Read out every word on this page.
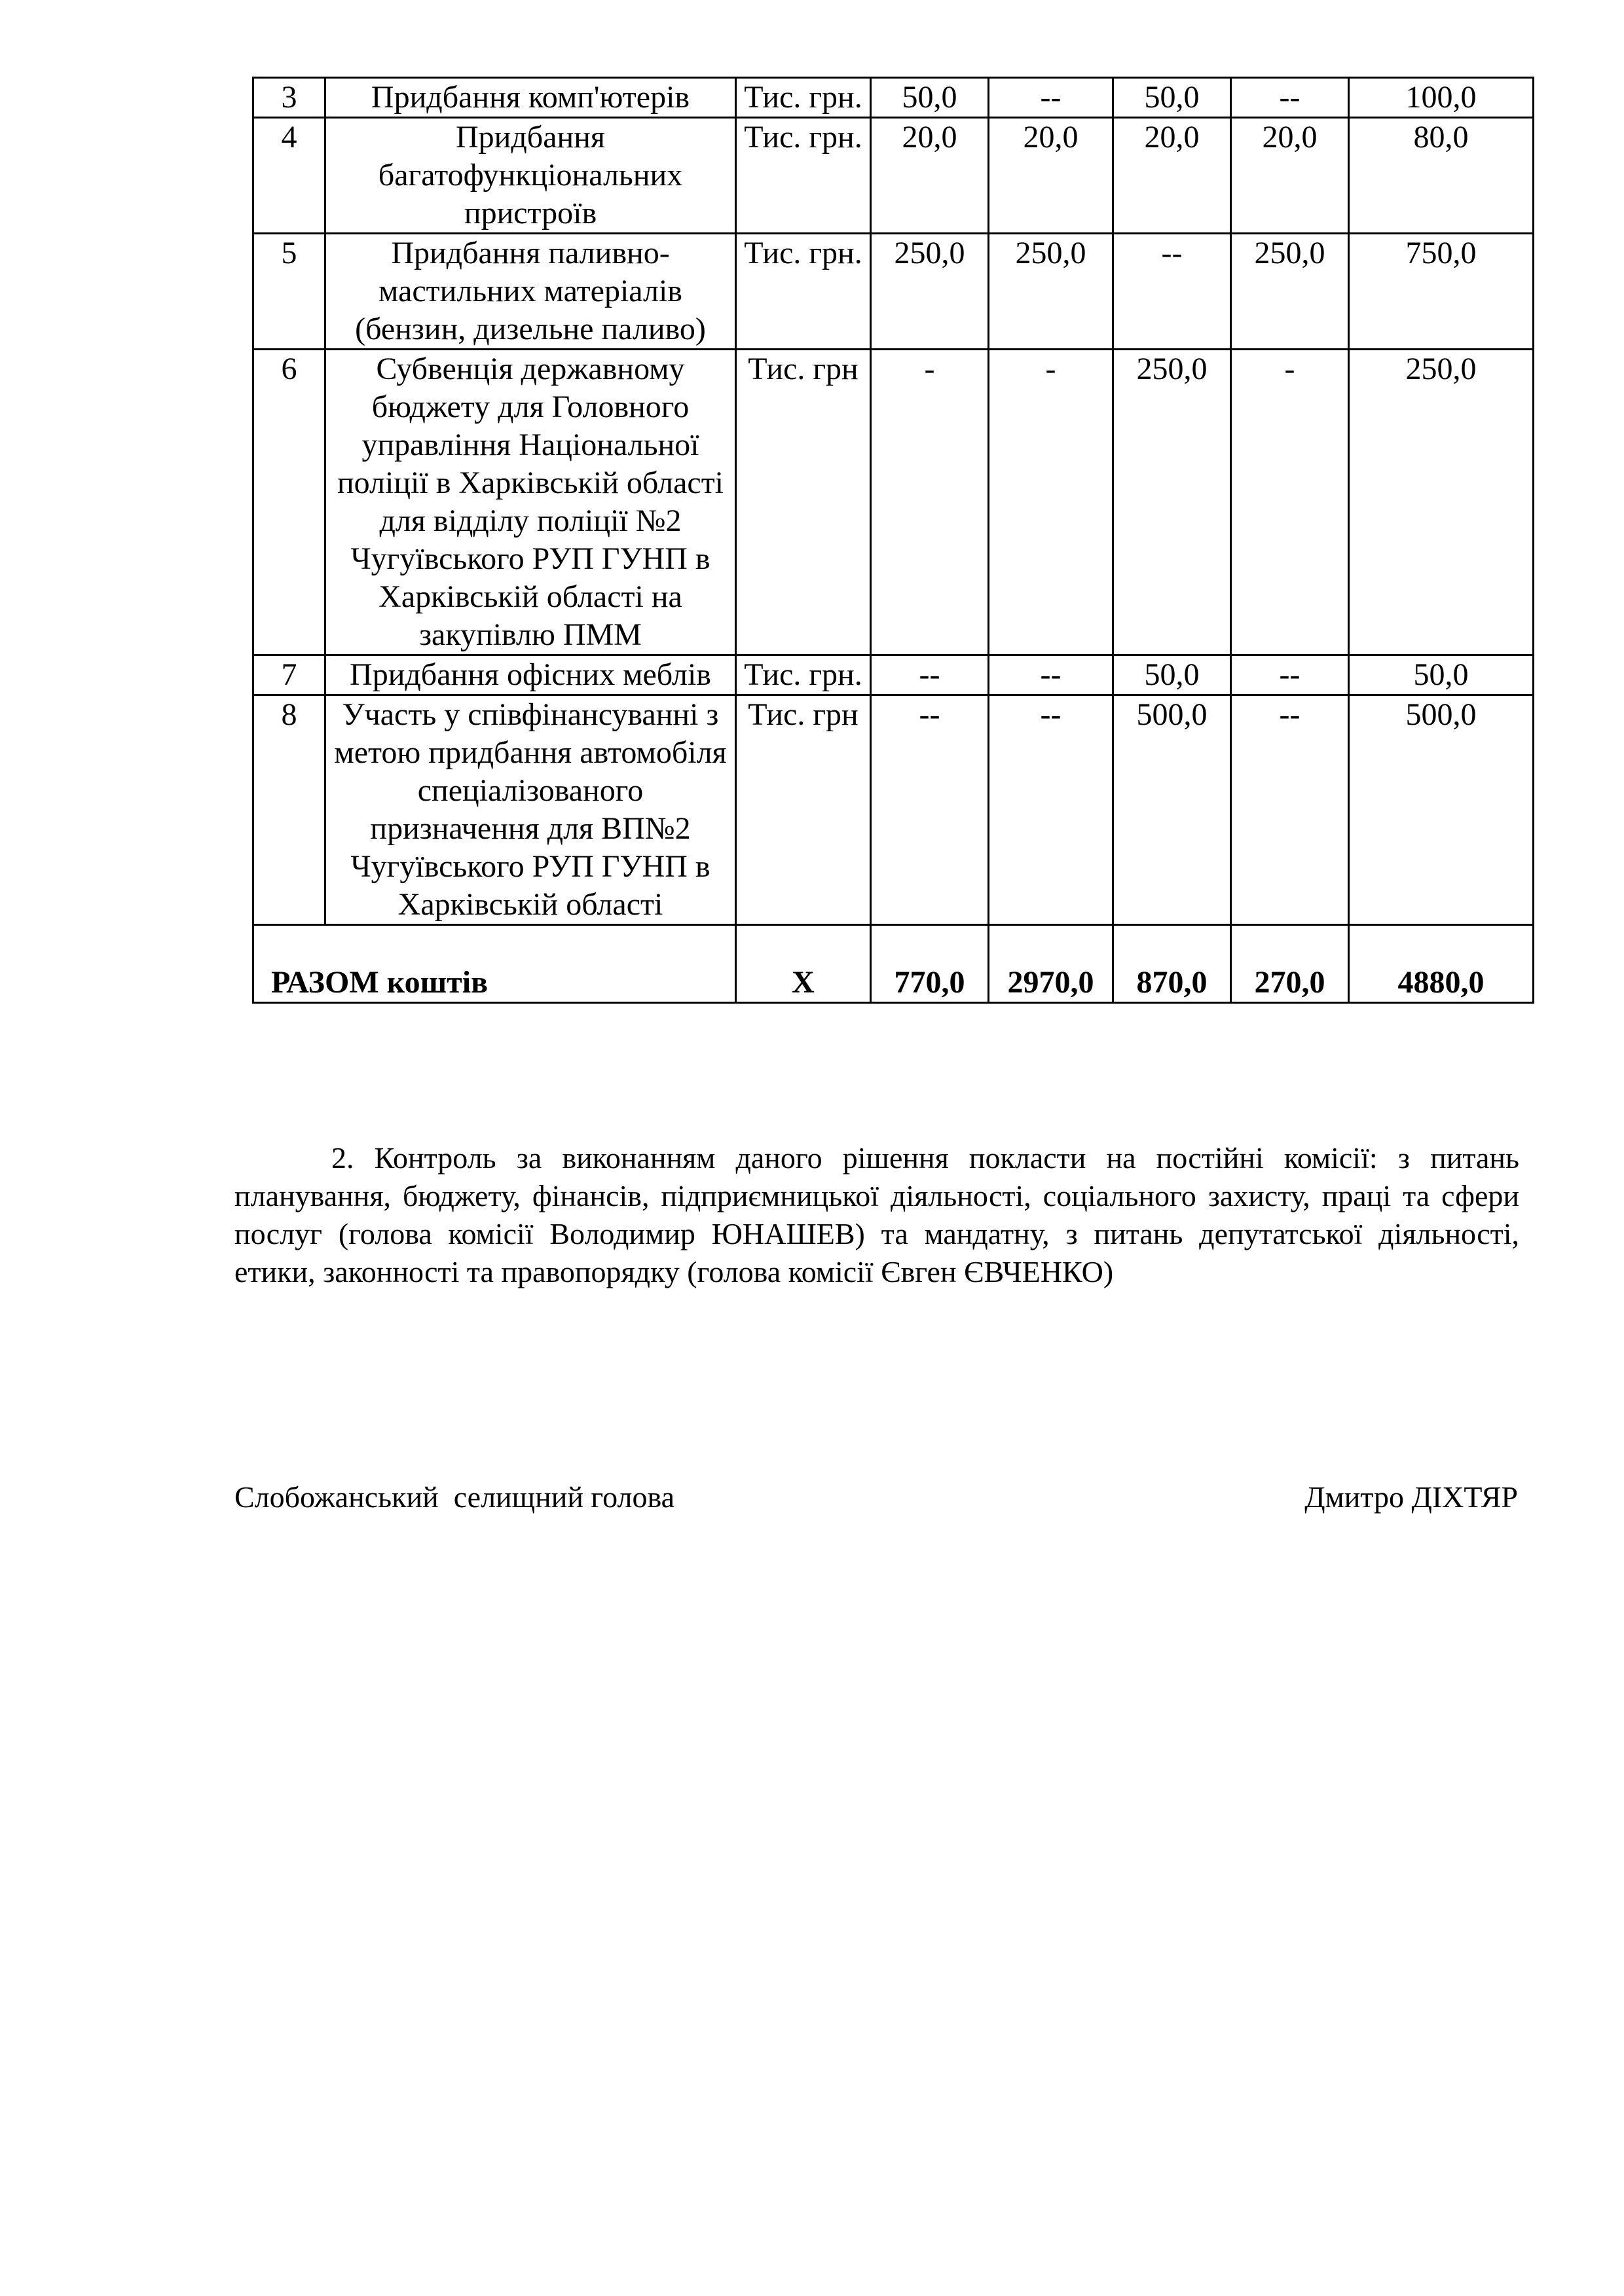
3	Придбання комп'ютерів	Тис. грн.	50,0	--	50,0	--	100,0
4	Придбання багатофункціональних пристроїв	Тис. грн.	20,0	20,0	20,0	20,0	80,0
5	Придбання паливно-мастильних матеріалів (бензин, дизельне паливо)	Тис. грн.	250,0	250,0	--	250,0	750,0
6	Субвенція державному бюджету для Головного управління Національної поліції в Харківській області для відділу поліції №2 Чугуївського РУП ГУНП в Харківській області на закупівлю ПММ	Тис. грн	-	-	250,0	-	250,0
7	Придбання офісних меблів	Тис. грн.	--	--	50,0	--	50,0
8	Участь у співфінансуванні з метою придбання автомобіля спеціалізованого призначення для ВП№2 Чугуївського РУП ГУНП в Харківській області	Тис. грн	--	--	500,0	--	500,0
РАЗОМ коштів		Х	770,0	2970,0	870,0	270,0	4880,0

2. Контроль за виконанням даного рішення покласти на постійні комісії: з питань планування, бюджету, фінансів, підприємницької діяльності, соціального захисту, праці та сфери послуг (голова комісії Володимир ЮНАШЕВ) та мандатну, з питань депутатської діяльності, етики, законності та правопорядку (голова комісії Євген ЄВЧЕНКО)

Слобожанський  селищний голова	Дмитро ДІХТЯР
